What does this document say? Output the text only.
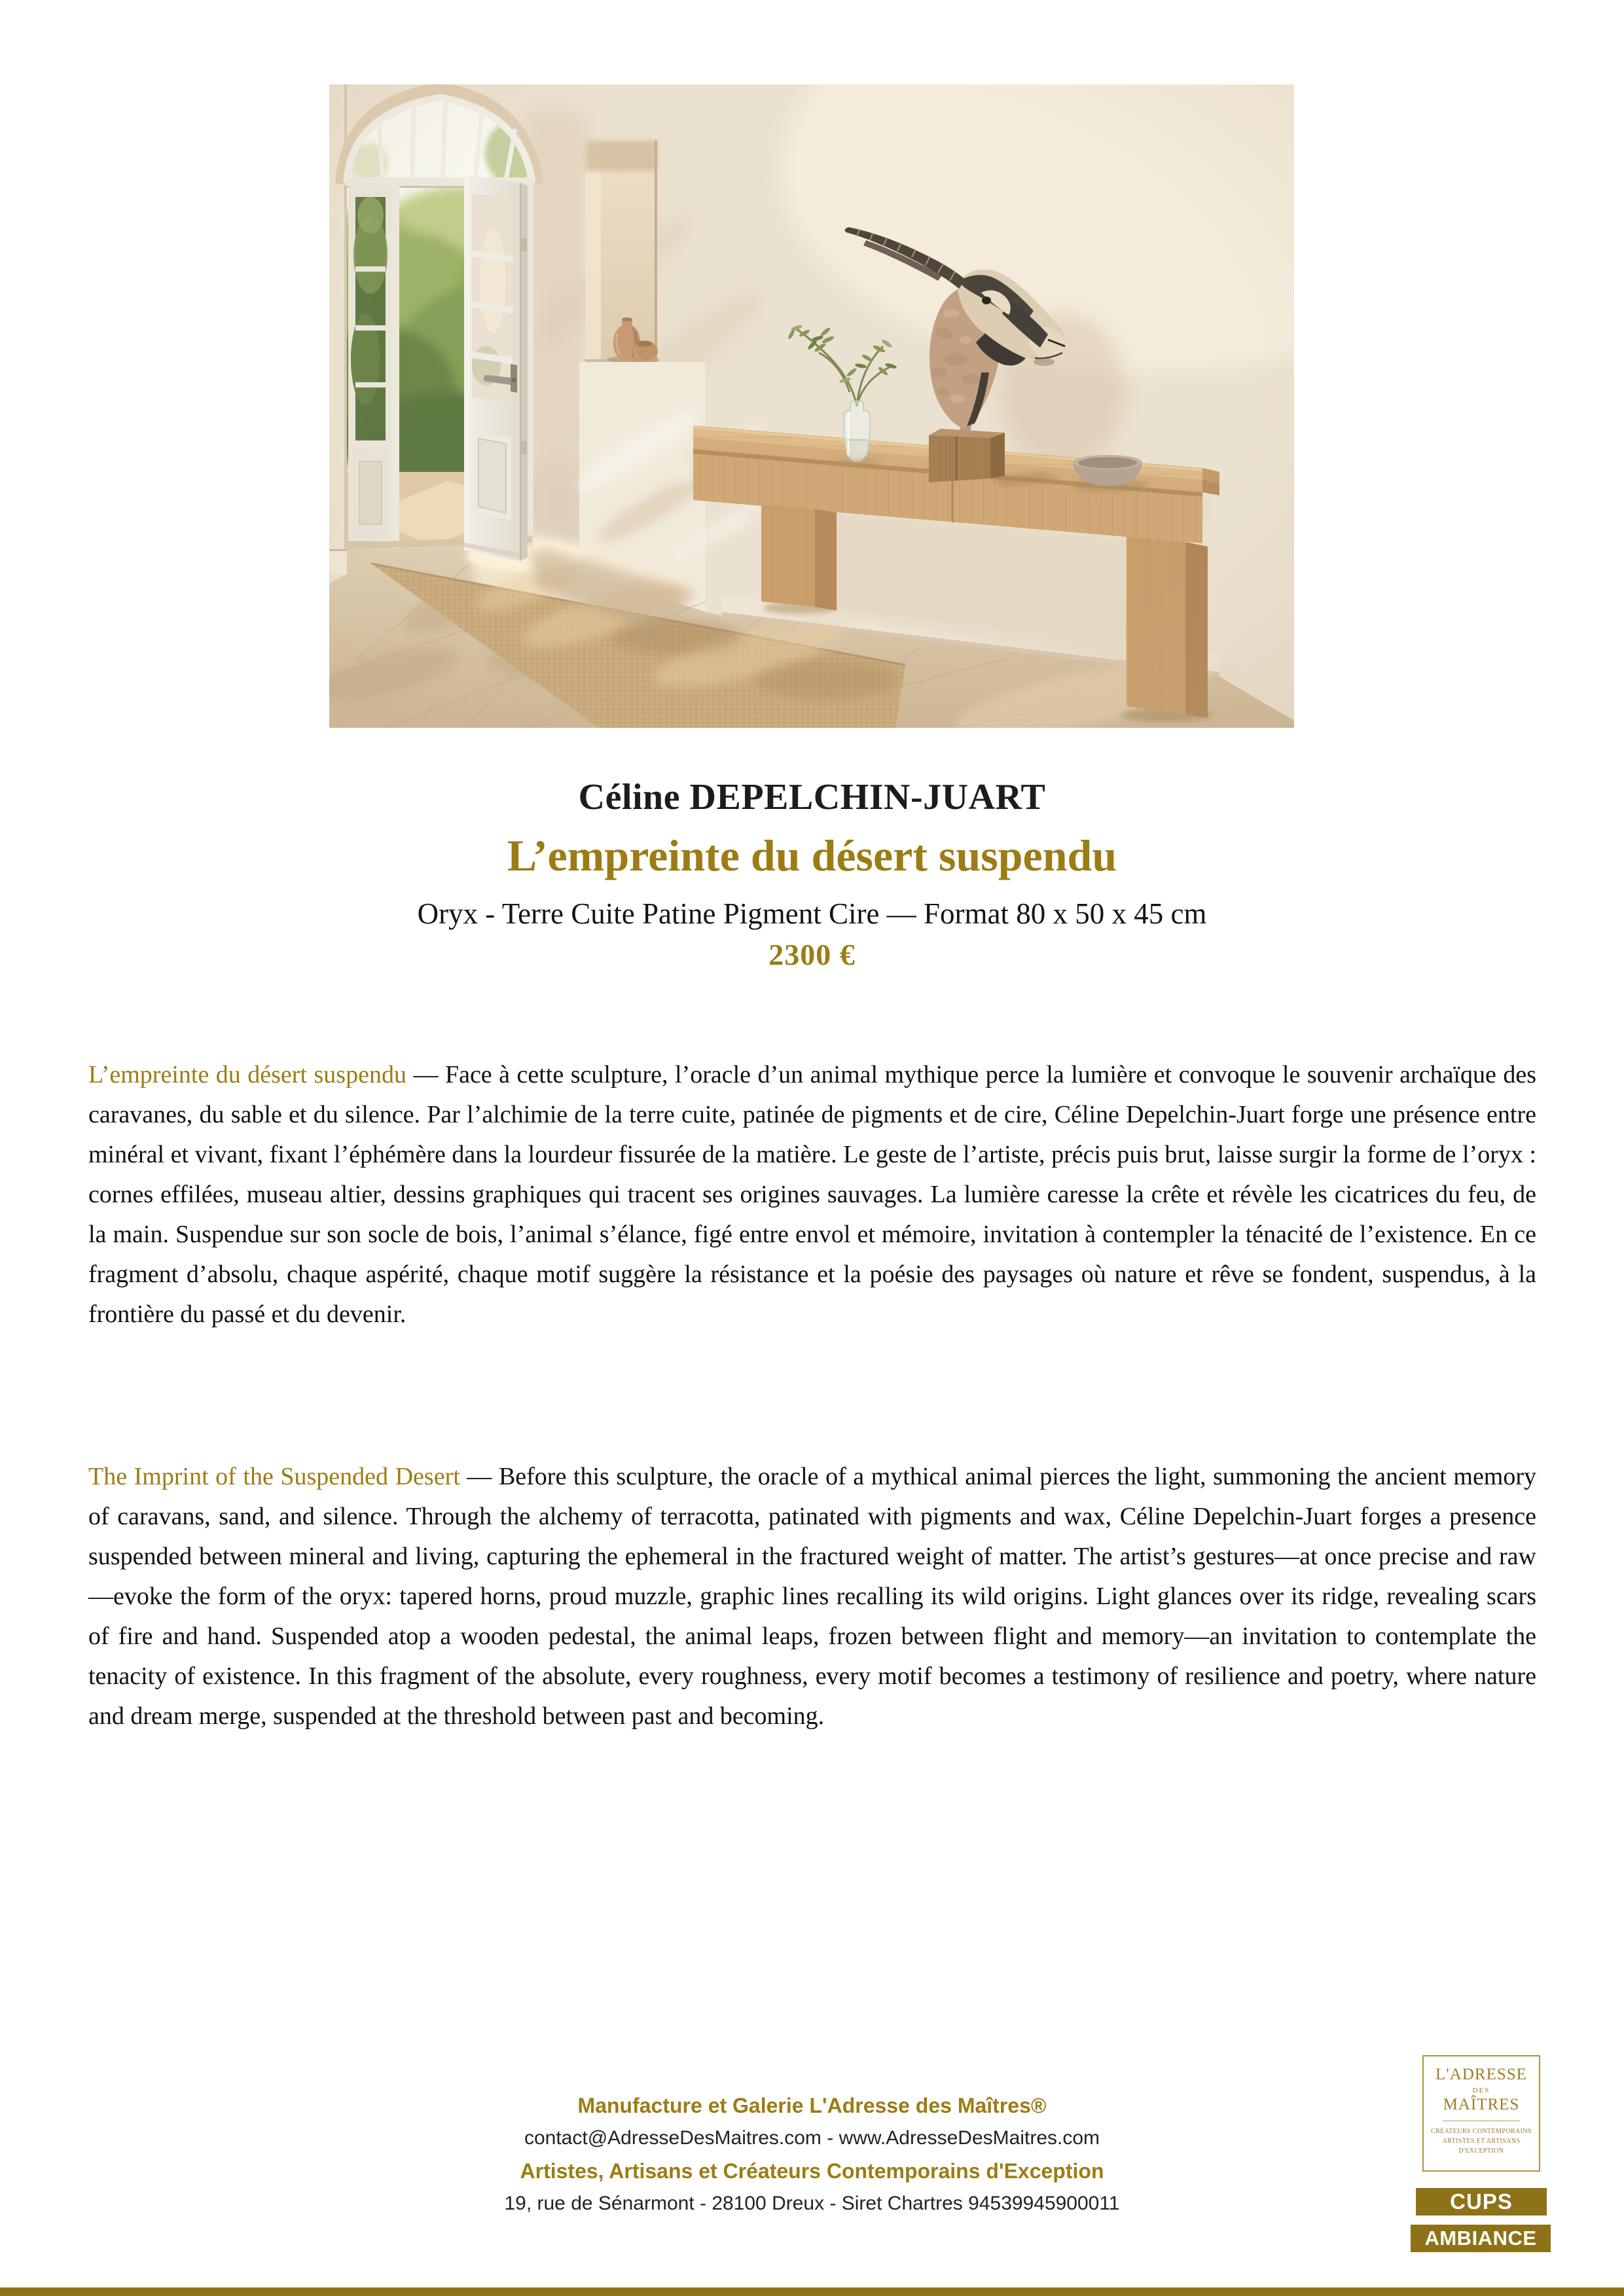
Céline DEPELCHIN-JUART
L’empreinte du désert suspendu
Oryx - Terre Cuite Patine Pigment Cire — Format 80 x 50 x 45 cm
2300 €

L’empreinte du désert suspendu — Face à cette sculpture, l’oracle d’un animal mythique perce la lumière et convoque le souvenir archaïque des caravanes, du sable et du silence. Par l’alchimie de la terre cuite, patinée de pigments et de cire, Céline Depelchin-Juart forge une présence entre minéral et vivant, fixant l’éphémère dans la lourdeur fissurée de la matière. Le geste de l’artiste, précis puis brut, laisse surgir la forme de l’oryx : cornes effilées, museau altier, dessins graphiques qui tracent ses origines sauvages. La lumière caresse la crête et révèle les cicatrices du feu, de la main. Suspendue sur son socle de bois, l’animal s’élance, figé entre envol et mémoire, invitation à contempler la ténacité de l’existence. En ce fragment d’absolu, chaque aspérité, chaque motif suggère la résistance et la poésie des paysages où nature et rêve se fondent, suspendus, à la frontière du passé et du devenir.

The Imprint of the Suspended Desert — Before this sculpture, the oracle of a mythical animal pierces the light, summoning the ancient memory of caravans, sand, and silence. Through the alchemy of terracotta, patinated with pigments and wax, Céline Depelchin-Juart forges a presence suspended between mineral and living, capturing the ephemeral in the fractured weight of matter. The artist’s gestures—at once precise and raw—evoke the form of the oryx: tapered horns, proud muzzle, graphic lines recalling its wild origins. Light glances over its ridge, revealing scars of fire and hand. Suspended atop a wooden pedestal, the animal leaps, frozen between flight and memory—an invitation to contemplate the tenacity of existence. In this fragment of the absolute, every roughness, every motif becomes a testimony of resilience and poetry, where nature and dream merge, suspended at the threshold between past and becoming.

Manufacture et Galerie L'Adresse des Maîtres®
contact@AdresseDesMaitres.com - www.AdresseDesMaitres.com
Artistes, Artisans et Créateurs Contemporains d'Exception
19, rue de Sénarmont - 28100 Dreux - Siret Chartres 94539945900011
L'ADRESSE
DES
MAÎTRES
CRÉATEURS CONTEMPORAINS
ARTISTES ET ARTISANS
D'EXCEPTION
CUPS
AMBIANCE
